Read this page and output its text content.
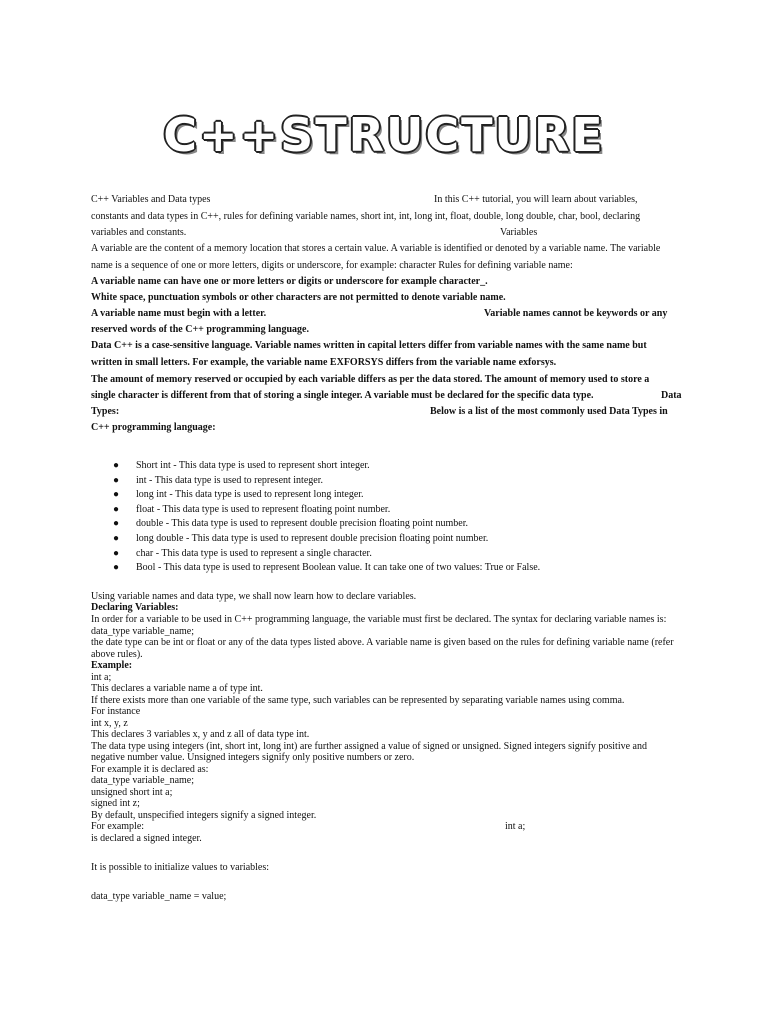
C++STRUCTURE
C++ Variables and Data types	In this C++ tutorial, you will learn about variables,
constants and data types in C++, rules for defining variable names, short int, int, long int, float, double, long double, char, bool, declaring
variables and constants.	Variables
A variable are the content of a memory location that stores a certain value. A variable is identified or denoted by a variable name. The variable
name is a sequence of one or more letters, digits or underscore, for example: character Rules for defining variable name:
A variable name can have one or more letters or digits or underscore for example character_.
White space, punctuation symbols or other characters are not permitted to denote variable name.
A variable name must begin with a letter.	Variable names cannot be keywords or any
reserved words of the C++ programming language.
Data C++ is a case-sensitive language. Variable names written in capital letters differ from variable names with the same name but
written in small letters. For example, the variable name EXFORSYS differs from the variable name exforsys.
The amount of memory reserved or occupied by each variable differs as per the data stored. The amount of memory used to store a
single character is different from that of storing a single integer. A variable must be declared for the specific data type.	Data
Types:	Below is a list of the most commonly used Data Types in
C++ programming language:
● Short int - This data type is used to represent short integer.
● int - This data type is used to represent integer.
● long int - This data type is used to represent long integer.
● float - This data type is used to represent floating point number.
● double - This data type is used to represent double precision floating point number.
● long double - This data type is used to represent double precision floating point number.
● char - This data type is used to represent a single character.
● Bool - This data type is used to represent Boolean value. It can take one of two values: True or False.
Using variable names and data type, we shall now learn how to declare variables.
Declaring Variables:
In order for a variable to be used in C++ programming language, the variable must first be declared. The syntax for declaring variable names is:
data_type variable_name;
the date type can be int or float or any of the data types listed above. A variable name is given based on the rules for defining variable name (refer
above rules).
Example:
int a;
This declares a variable name a of type int.
If there exists more than one variable of the same type, such variables can be represented by separating variable names using comma.
For instance
int x, y, z
This declares 3 variables x, y and z all of data type int.
The data type using integers (int, short int, long int) are further assigned a value of signed or unsigned. Signed integers signify positive and
negative number value. Unsigned integers signify only positive numbers or zero.
For example it is declared as:
data_type variable_name;
unsigned short int a;
signed int z;
By default, unspecified integers signify a signed integer.
For example:	int a;
is declared a signed integer.
It is possible to initialize values to variables:
data_type variable_name = value;
